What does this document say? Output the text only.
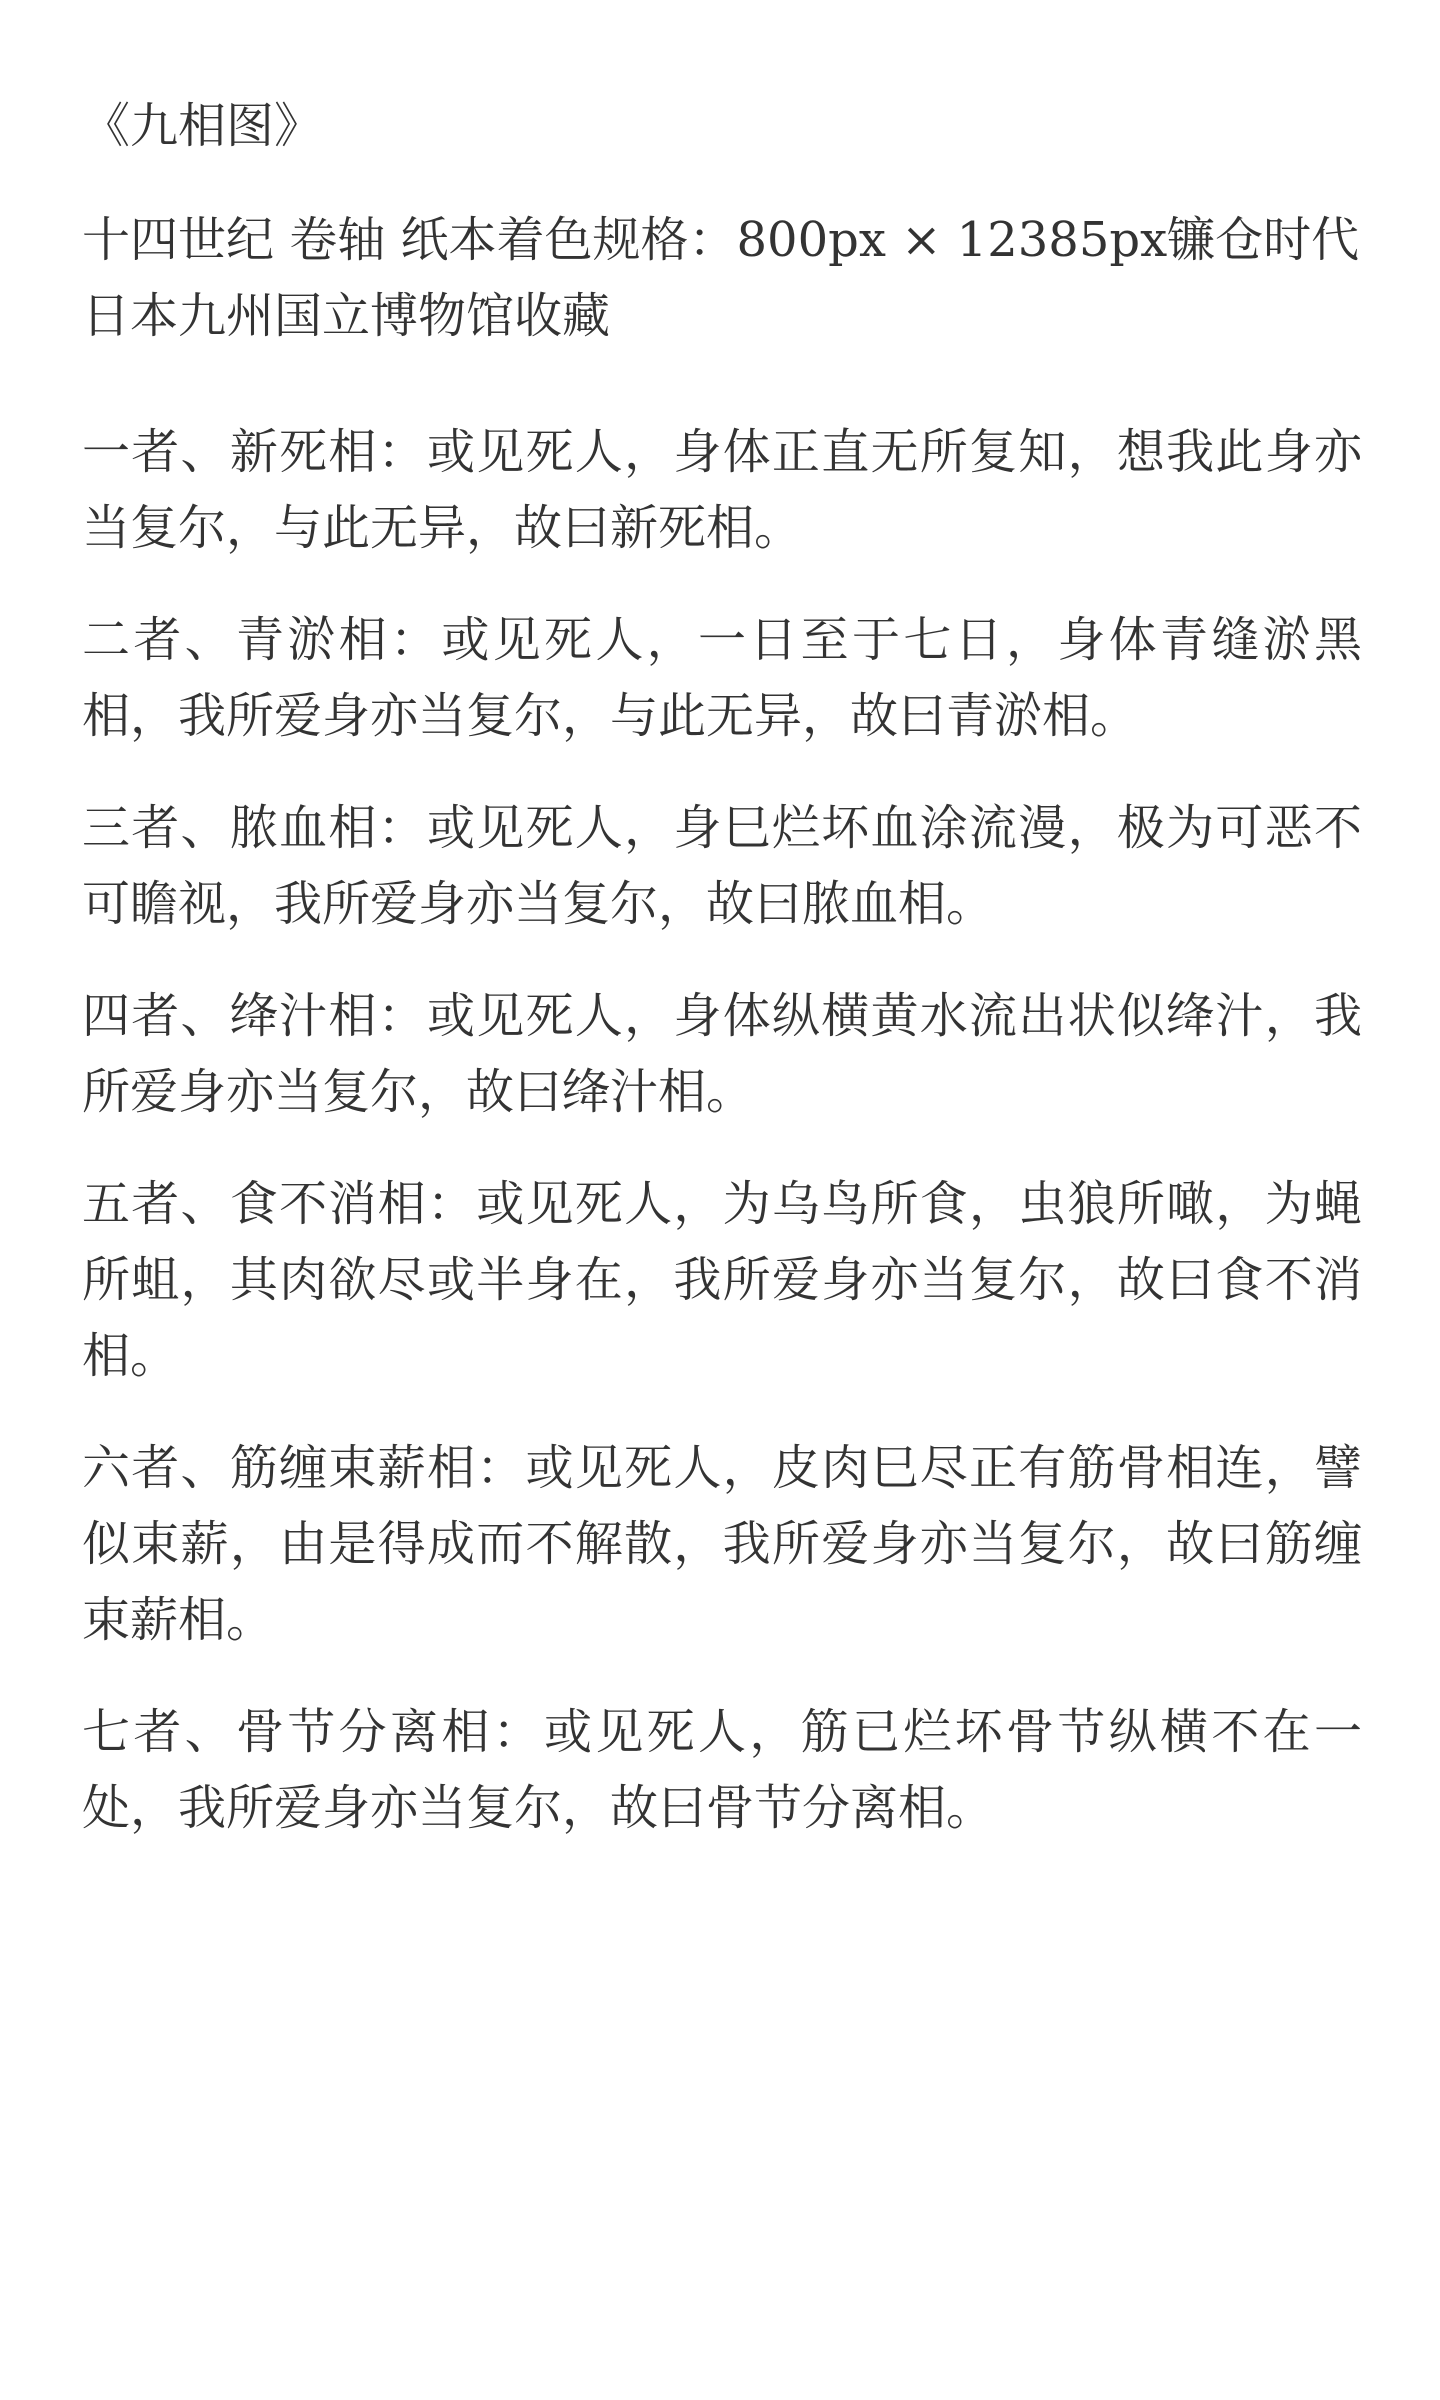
《九相图》

十四世纪 卷轴 纸本着色规格：800px × 12385px镰仓时代日本九州国立博物馆收藏

一者、新死相：或见死人，身体正直无所复知，想我此身亦当复尔，与此无异，故曰新死相。

二者、青淤相：或见死人，一日至于七日，身体青缝淤黑相，我所爱身亦当复尔，与此无异，故曰青淤相。

三者、脓血相：或见死人，身巳烂坏血涂流漫，极为可恶不可瞻视，我所爱身亦当复尔，故曰脓血相。

四者、绛汁相：或见死人，身体纵横黄水流出状似绛汁，我所爱身亦当复尔，故曰绛汁相。

五者、食不消相：或见死人，为乌鸟所食，虫狼所噉，为蝇所蛆，其肉欲尽或半身在，我所爱身亦当复尔，故曰食不消相。

六者、筋缠束薪相：或见死人，皮肉巳尽正有筋骨相连，譬似束薪，由是得成而不解散，我所爱身亦当复尔，故曰筋缠束薪相。

七者、骨节分离相：或见死人，筋已烂坏骨节纵横不在一处，我所爱身亦当复尔，故曰骨节分离相。
